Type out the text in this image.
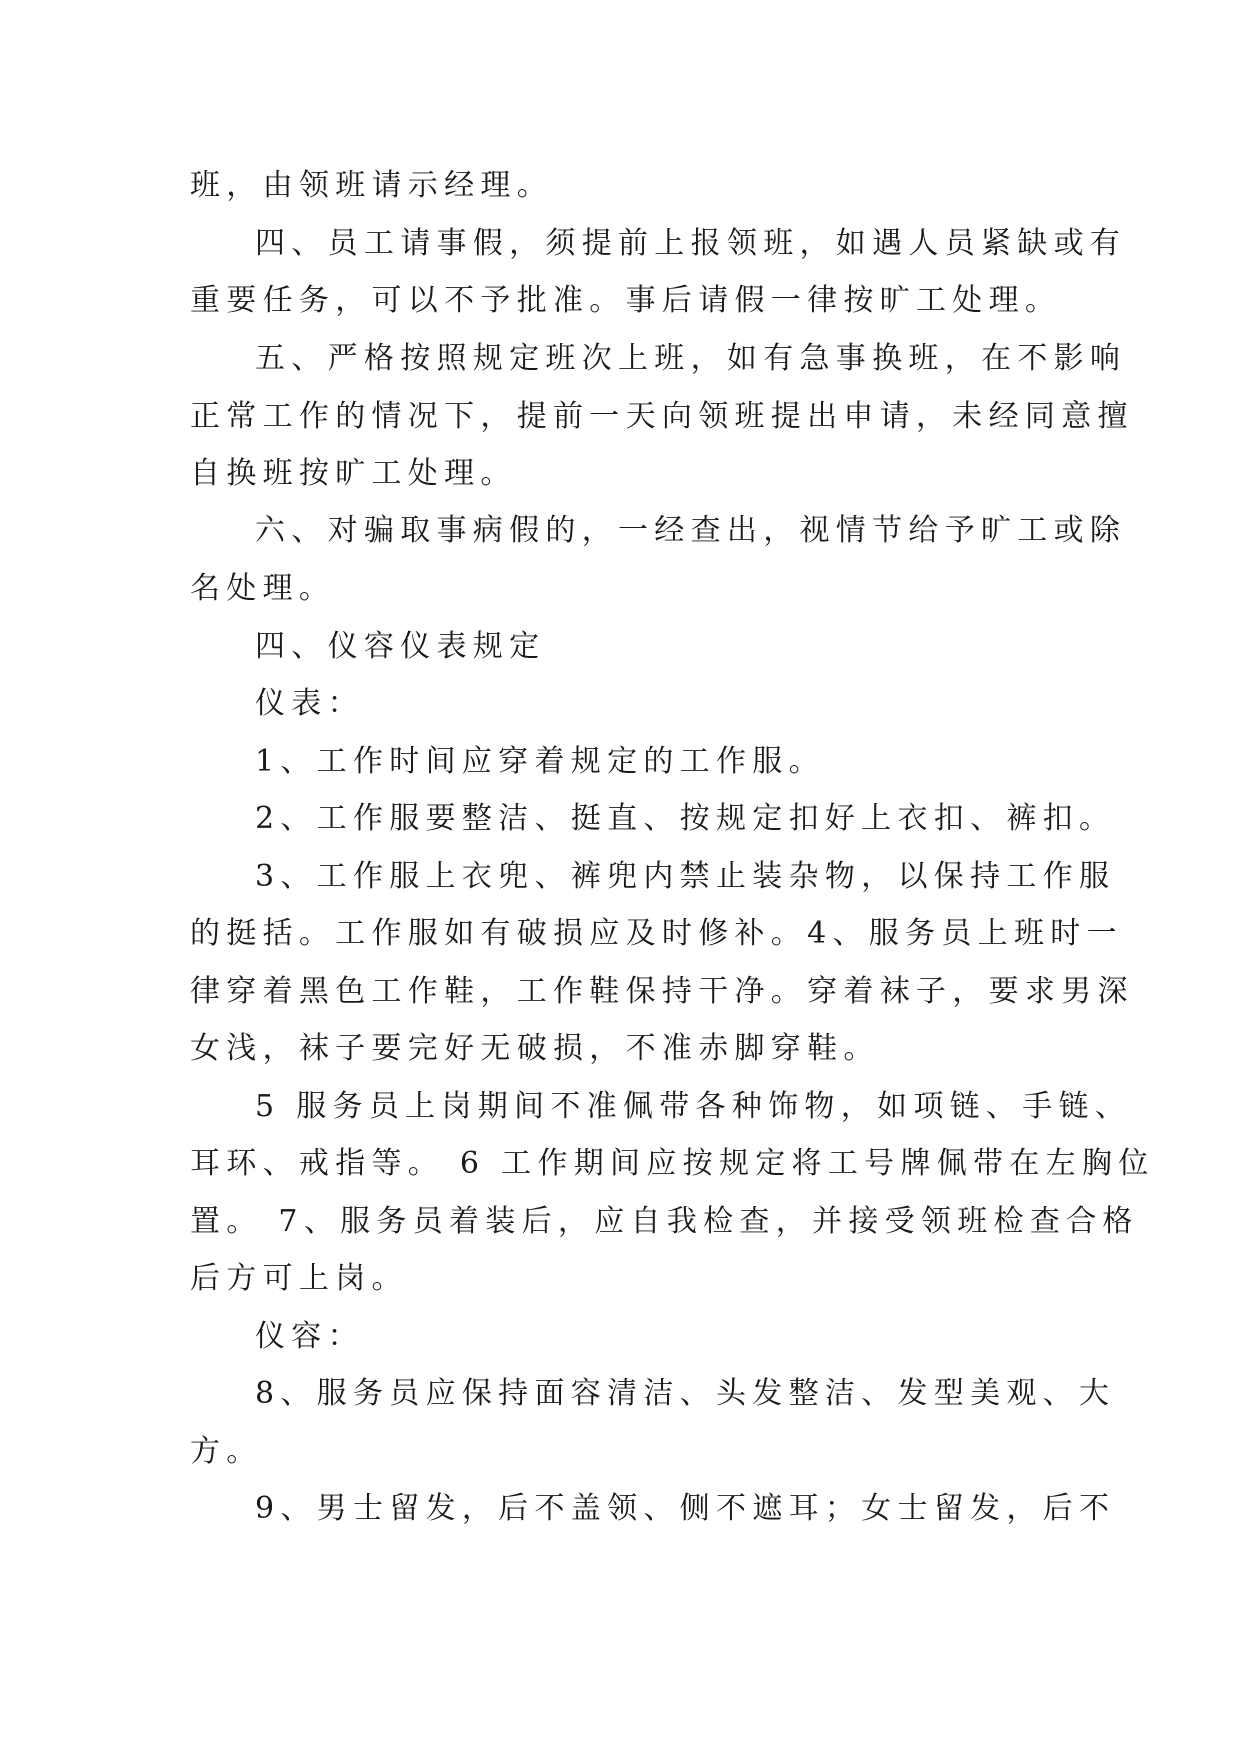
班，由领班请示经理。
四、员工请事假，须提前上报领班，如遇人员紧缺或有
重要任务，可以不予批准。事后请假一律按旷工处理。
五、严格按照规定班次上班，如有急事换班，在不影响
正常工作的情况下，提前一天向领班提出申请，未经同意擅
自换班按旷工处理。
六、对骗取事病假的，一经查出，视情节给予旷工或除
名处理。
四、仪容仪表规定
仪表：
1、工作时间应穿着规定的工作服。
2、工作服要整洁、挺直、按规定扣好上衣扣、裤扣。
3、工作服上衣兜、裤兜内禁止装杂物，以保持工作服
的挺括。工作服如有破损应及时修补。4、服务员上班时一
律穿着黑色工作鞋，工作鞋保持干净。穿着袜子，要求男深
女浅，袜子要完好无破损，不准赤脚穿鞋。
5 服务员上岗期间不准佩带各种饰物，如项链、手链、
耳环、戒指等。 6 工作期间应按规定将工号牌佩带在左胸位
置。 7、服务员着装后，应自我检查，并接受领班检查合格
后方可上岗。
仪容：
8、服务员应保持面容清洁、头发整洁、发型美观、大
方。
9、男士留发，后不盖领、侧不遮耳；女士留发，后不
